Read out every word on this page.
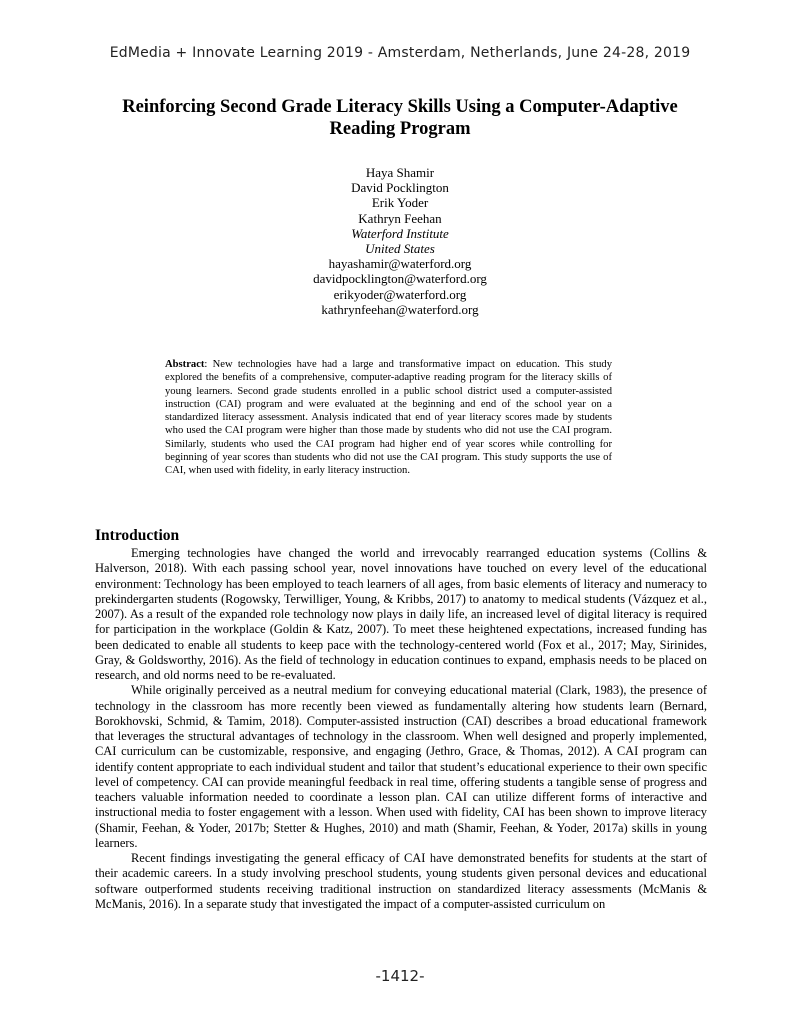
EdMedia + Innovate Learning 2019 - Amsterdam, Netherlands, June 24-28, 2019
Reinforcing Second Grade Literacy Skills Using a Computer-Adaptive Reading Program
Haya Shamir
David Pocklington
Erik Yoder
Kathryn Feehan
Waterford Institute
United States
hayashamir@waterford.org
davidpocklington@waterford.org
erikyoder@waterford.org
kathrynfeehan@waterford.org
Abstract: New technologies have had a large and transformative impact on education. This study explored the benefits of a comprehensive, computer-adaptive reading program for the literacy skills of young learners. Second grade students enrolled in a public school district used a computer-assisted instruction (CAI) program and were evaluated at the beginning and end of the school year on a standardized literacy assessment. Analysis indicated that end of year literacy scores made by students who used the CAI program were higher than those made by students who did not use the CAI program. Similarly, students who used the CAI program had higher end of year scores while controlling for beginning of year scores than students who did not use the CAI program. This study supports the use of CAI, when used with fidelity, in early literacy instruction.
Introduction

Emerging technologies have changed the world and irrevocably rearranged education systems (Collins & Halverson, 2018). With each passing school year, novel innovations have touched on every level of the educational environment: Technology has been employed to teach learners of all ages, from basic elements of literacy and numeracy to prekindergarten students (Rogowsky, Terwilliger, Young, & Kribbs, 2017) to anatomy to medical students (Vázquez et al., 2007). As a result of the expanded role technology now plays in daily life, an increased level of digital literacy is required for participation in the workplace (Goldin & Katz, 2007). To meet these heightened expectations, increased funding has been dedicated to enable all students to keep pace with the technology-centered world (Fox et al., 2017; May, Sirinides, Gray, & Goldsworthy, 2016). As the field of technology in education continues to expand, emphasis needs to be placed on research, and old norms need to be re-evaluated.

While originally perceived as a neutral medium for conveying educational material (Clark, 1983), the presence of technology in the classroom has more recently been viewed as fundamentally altering how students learn (Bernard, Borokhovski, Schmid, & Tamim, 2018). Computer-assisted instruction (CAI) describes a broad educational framework that leverages the structural advantages of technology in the classroom. When well designed and properly implemented, CAI curriculum can be customizable, responsive, and engaging (Jethro, Grace, & Thomas, 2012). A CAI program can identify content appropriate to each individual student and tailor that student’s educational experience to their own specific level of competency. CAI can provide meaningful feedback in real time, offering students a tangible sense of progress and teachers valuable information needed to coordinate a lesson plan. CAI can utilize different forms of interactive and instructional media to foster engagement with a lesson. When used with fidelity, CAI has been shown to improve literacy (Shamir, Feehan, & Yoder, 2017b; Stetter & Hughes, 2010) and math (Shamir, Feehan, & Yoder, 2017a) skills in young learners.

Recent findings investigating the general efficacy of CAI have demonstrated benefits for students at the start of their academic careers. In a study involving preschool students, young students given personal devices and educational software outperformed students receiving traditional instruction on standardized literacy assessments (McManis & McManis, 2016). In a separate study that investigated the impact of a computer-assisted curriculum on

-1412-
